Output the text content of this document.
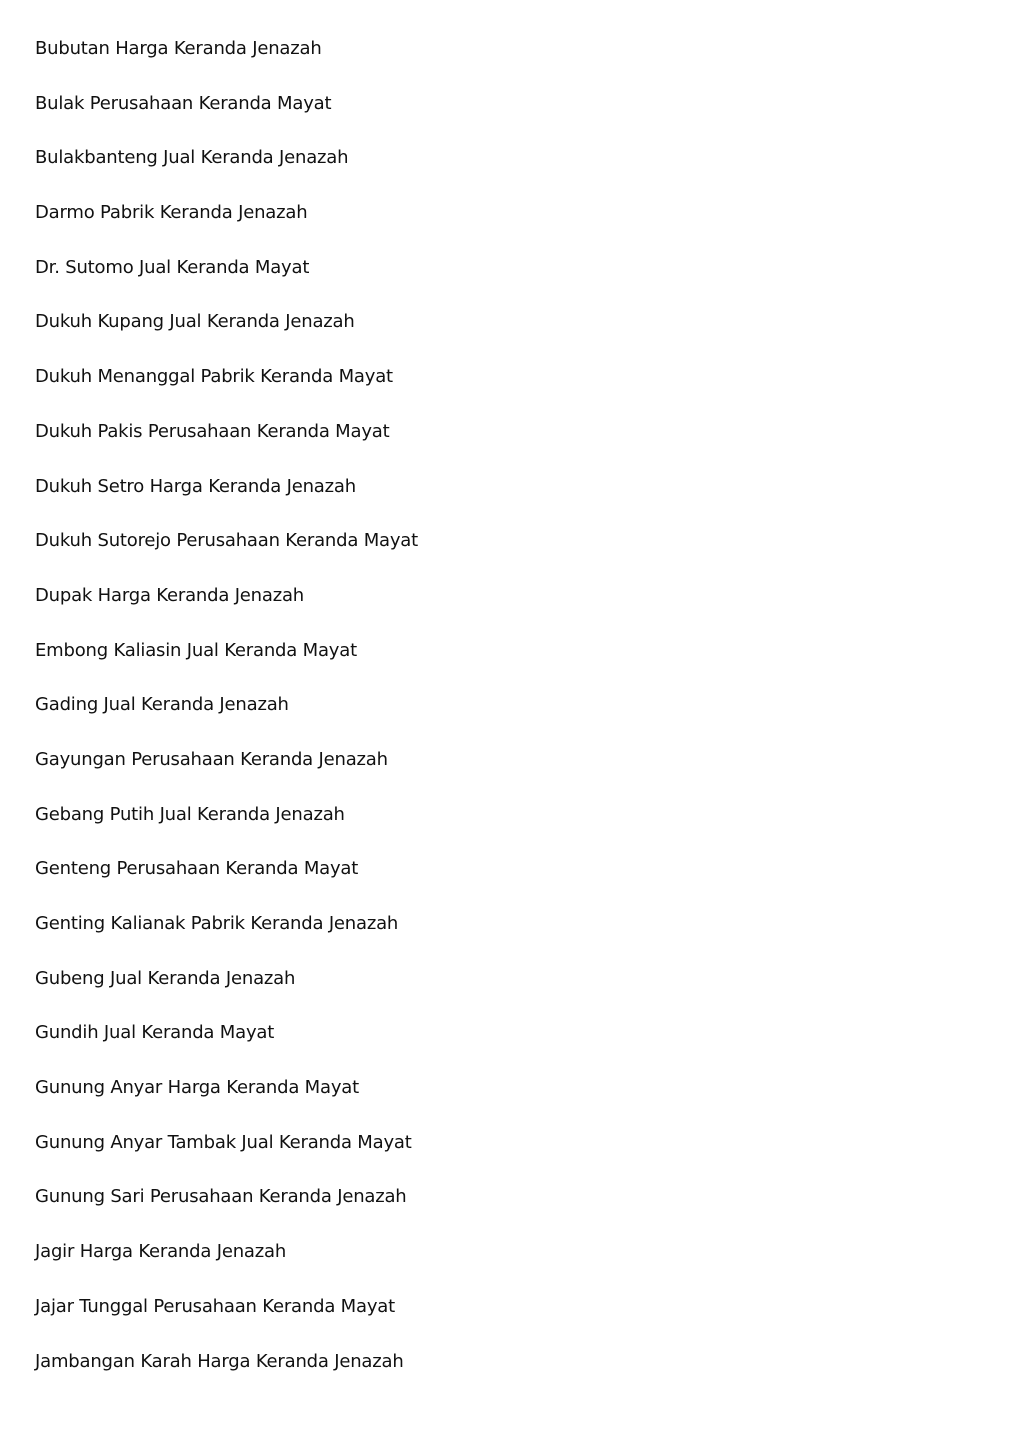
Bubutan Harga Keranda Jenazah
Bulak Perusahaan Keranda Mayat
Bulakbanteng Jual Keranda Jenazah
Darmo Pabrik Keranda Jenazah
Dr. Sutomo Jual Keranda Mayat
Dukuh Kupang Jual Keranda Jenazah
Dukuh Menanggal Pabrik Keranda Mayat
Dukuh Pakis Perusahaan Keranda Mayat
Dukuh Setro Harga Keranda Jenazah
Dukuh Sutorejo Perusahaan Keranda Mayat
Dupak Harga Keranda Jenazah
Embong Kaliasin Jual Keranda Mayat
Gading Jual Keranda Jenazah
Gayungan Perusahaan Keranda Jenazah
Gebang Putih Jual Keranda Jenazah
Genteng Perusahaan Keranda Mayat
Genting Kalianak Pabrik Keranda Jenazah
Gubeng Jual Keranda Jenazah
Gundih Jual Keranda Mayat
Gunung Anyar Harga Keranda Mayat
Gunung Anyar Tambak Jual Keranda Mayat
Gunung Sari Perusahaan Keranda Jenazah
Jagir Harga Keranda Jenazah
Jajar Tunggal Perusahaan Keranda Mayat
Jambangan Karah Harga Keranda Jenazah
